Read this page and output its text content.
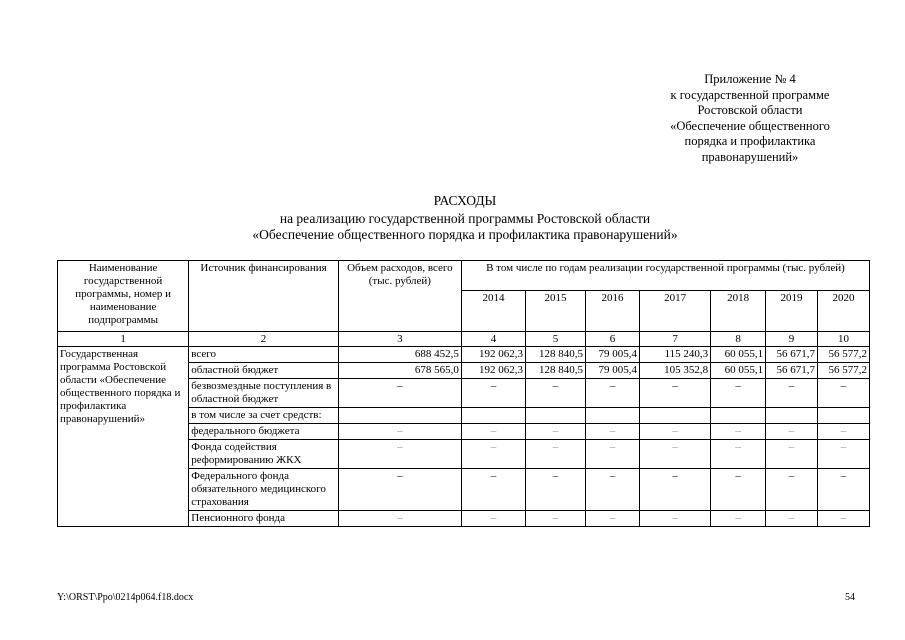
Приложение № 4
к государственной программе
Ростовской области
«Обеспечение общественного
порядка и профилактика
правонарушений»
РАСХОДЫ
на реализацию государственной программы Ростовской области
«Обеспечение общественного порядка и профилактика правонарушений»
Наименование государственной программы, номер и наименование подпрограммы	Источник финансирования	Объем расходов, всего (тыс. рублей)	В том числе по годам реализации государственной программы (тыс. рублей)						
			2014	2015	2016	2017	2018	2019	2020
1	2	3	4	5	6	7	8	9	10
Государственная программа Ростовской области «Обеспечение общественного порядка и профилактика правонарушений»	всего	688 452,5	192 062,3	128 840,5	79 005,4	115 240,3	60 055,1	56 671,7	56 577,2
	областной бюджет	678 565,0	192 062,3	128 840,5	79 005,4	105 352,8	60 055,1	56 671,7	56 577,2
	безвозмездные поступления в областной бюджет	–	–	–	–	–	–	–	–
	в том числе за счет средств:								
	федерального бюджета	–	–	–	–	–	–	–	–
	Фонда содействия реформированию ЖКХ	–	–	–	–	–	–	–	–
	Федерального фонда обязательного медицинского страхования	–	–	–	–	–	–	–	–
	Пенсионного фонда	–	–	–	–	–	–	–	–
Y:\ORST\Ppo\0214p064.f18.docx	54
